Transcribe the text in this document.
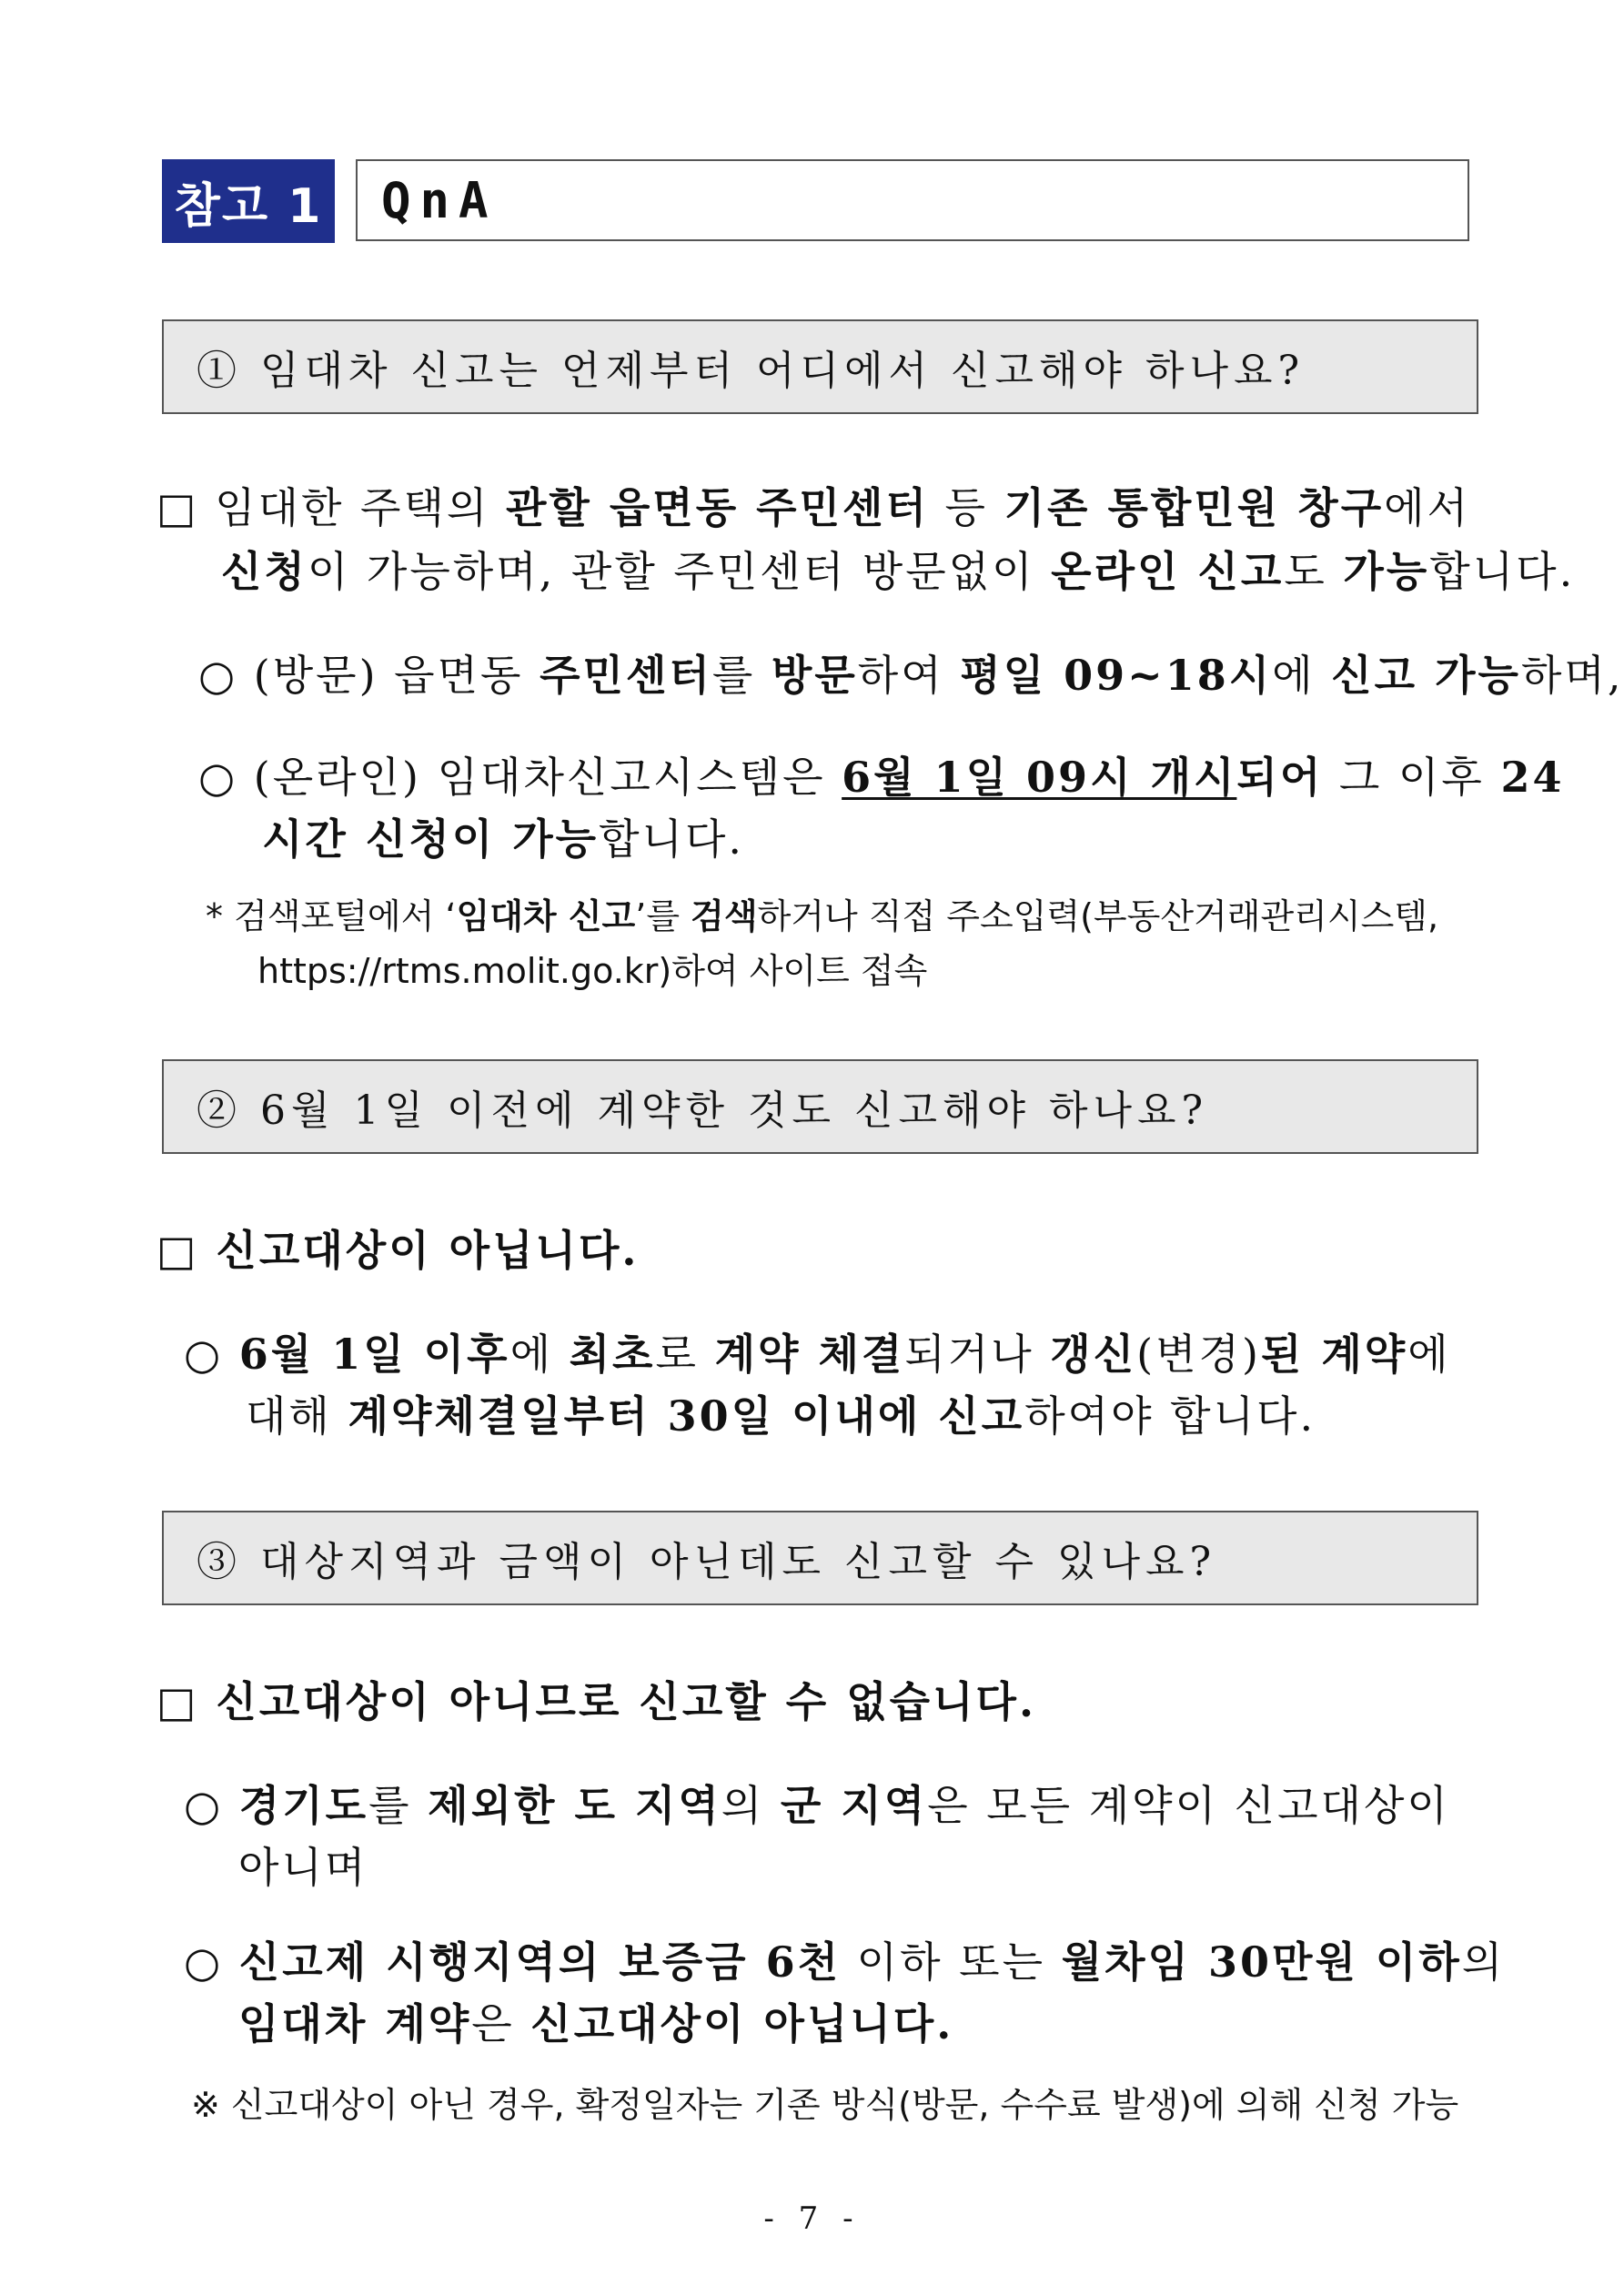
참고 1	QnA
① 임대차 신고는 언제부터 어디에서 신고해야 하나요?
□ 임대한 주택의 관할 읍면동 주민센터 등 기존 통합민원 창구에서
신청이 가능하며, 관할 주민센터 방문없이 온라인 신고도 가능합니다.
○ (방문) 읍면동 주민센터를 방문하여 평일 09~18시에 신고 가능하며,
○ (온라인) 임대차신고시스템은 6월 1일 09시 개시되어 그 이후 24
시간 신청이 가능합니다.
* 검색포털에서 ‘임대차 신고’를 검색하거나 직접 주소입력(부동산거래관리시스템,
https://rtms.molit.go.kr)하여 사이트 접속
② 6월 1일 이전에 계약한 것도 신고해야 하나요?
□ 신고대상이 아닙니다.
○ 6월 1일 이후에 최초로 계약 체결되거나 갱신(변경)된 계약에
대해 계약체결일부터 30일 이내에 신고하여야 합니다.
③ 대상지역과 금액이 아닌데도 신고할 수 있나요?
□ 신고대상이 아니므로 신고할 수 없습니다.
○ 경기도를 제외한 도 지역의 군 지역은 모든 계약이 신고대상이
아니며
○ 신고제 시행지역의 보증금 6천 이하 또는 월차임 30만원 이하의
임대차 계약은 신고대상이 아닙니다.
※ 신고대상이 아닌 경우, 확정일자는 기존 방식(방문, 수수료 발생)에 의해 신청 가능
- 7 -
